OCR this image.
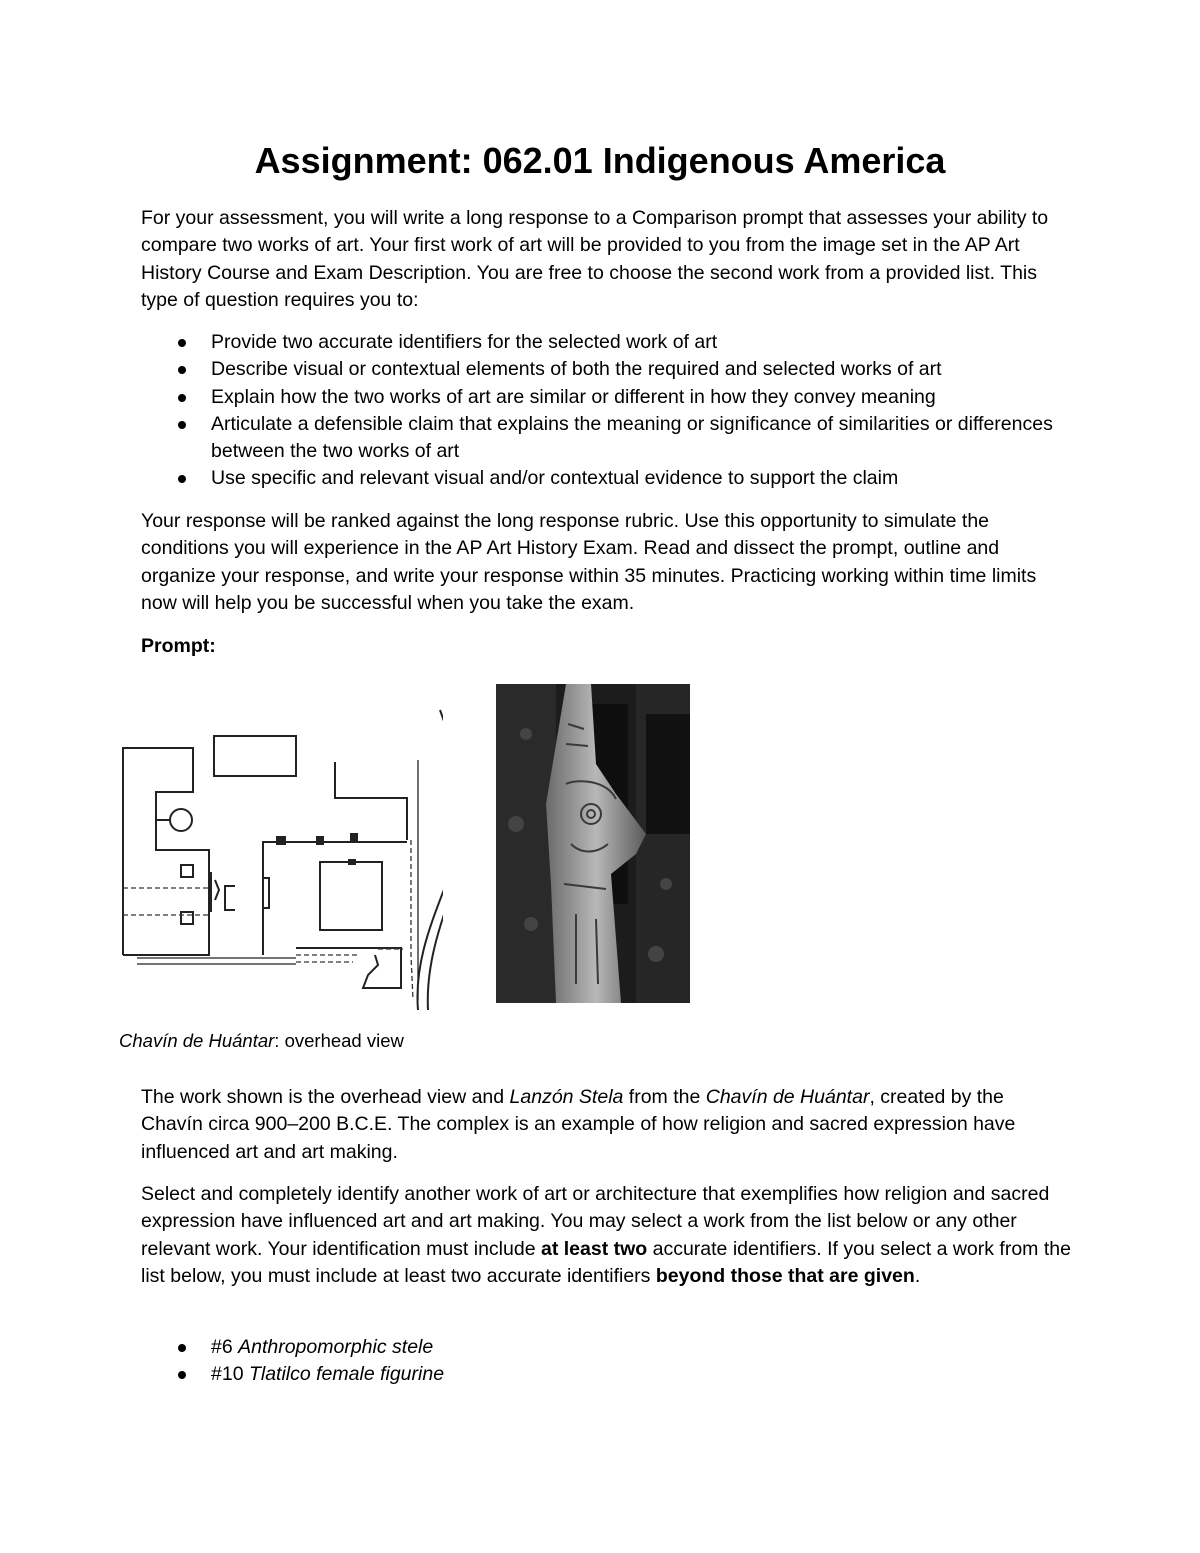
Assignment: 062.01 Indigenous America

For your assessment, you will write a long response to a Comparison prompt that assesses your ability to compare two works of art. Your first work of art will be provided to you from the image set in the AP Art History Course and Exam Description. You are free to choose the second work from a provided list. This type of question requires you to:

Provide two accurate identifiers for the selected work of art
Describe visual or contextual elements of both the required and selected works of art
Explain how the two works of art are similar or different in how they convey meaning
Articulate a defensible claim that explains the meaning or significance of similarities or differences between the two works of art
Use specific and relevant visual and/or contextual evidence to support the claim

Your response will be ranked against the long response rubric. Use this opportunity to simulate the conditions you will experience in the AP Art History Exam. Read and dissect the prompt, outline and organize your response, and write your response within 35 minutes. Practicing working within time limits now will help you be successful when you take the exam.

Prompt:

Chavín de Huántar: overhead view

The work shown is the overhead view and Lanzón Stela from the Chavín de Huántar, created by the Chavín circa 900–200 B.C.E. The complex is an example of how religion and sacred expression have influenced art and art making.

Select and completely identify another work of art or architecture that exemplifies how religion and sacred expression have influenced art and art making. You may select a work from the list below or any other relevant work. Your identification must include at least two accurate identifiers. If you select a work from the list below, you must include at least two accurate identifiers beyond those that are given.

#6 Anthropomorphic stele
#10 Tlatilco female figurine
